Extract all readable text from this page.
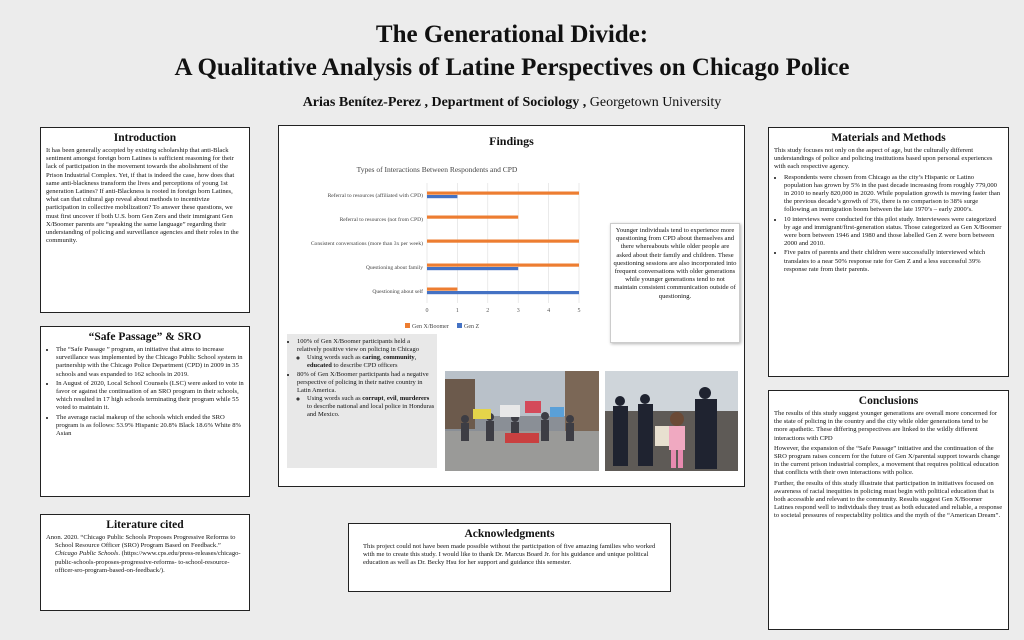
The Generational Divide:
A Qualitative Analysis of Latine Perspectives on Chicago Police
Arias Benítez-Perez , Department of Sociology , Georgetown University
Introduction

It has been generally accepted by existing scholarship that anti-Black sentiment amongst foreign born Latines is sufficient reasoning for their lack of participation in the movement towards the abolishment of the Prison Industrial Complex. Yet, if that is indeed the case, how does that same anti-blackness transform the lives and perceptions of young 1st generation Latines? If anti-Blackness is rooted in foreign born Latines, what can that cultural gap reveal about methods to incentivize participation in collective mobilization? To answer these questions, we must first uncover if both U.S. born Gen Zers and their immigrant Gen X/Boomer parents are “speaking the same language” regarding their understanding of policing and surveillance agencies and their roles in the community.

“Safe Passage” & SRO
• The “Safe Passage ” program, an initiative that aims to increase surveillance was implemented by the Chicago Public School system in partnership with the Chicago Police Department (CPD) in 2009 in 35 schools and was expanded to 162 schools in 2019.
• In August of 2020, Local School Counsels (LSC) were asked to vote in favor or against the continuation of an SRO program in their schools, which resulted in 17 high schools terminating their program while 55 voted to maintain it.
• The average racial makeup of the schools which ended the SRO program is as follows: 53.9% Hispanic 20.8% Black 18.6% White 8% Asian
Literature cited
Anon. 2020. “Chicago Public Schools Proposes Progressive Reforms to School Resource Officer (SRO) Program Based on Feedback.” Chicago Public Schools. (https://www.cps.edu/press-releases/chicago-public-schools-proposes-progressive-reforms- to-school-resource-officer-sro-program-based-on-feedback/).
Findings
Types of Interactions Between Respondents and CPD
Referral to resources (affiliated with CPD)
Referral to resources (not from CPD)
Consistent conversations (more than 3x per week)
Questioning about family
Questioning about self
0	1	2	3	4	5
Gen X/Boomer	Gen Z
Younger individuals tend to experience more questioning from CPD about themselves and there whereabouts while older people are asked about their family and children. These questioning sessions are also incorporated into frequent conversations with older generations while younger generations tend to not maintain consistent communication outside of questioning.
• 100% of Gen X/Boomer participants held a relatively positive view on policing in Chicago
◦ Using words such as caring, community, educated to describe CPD officers
• 80% of Gen X/Boomer participants had a negative perspective of policing in their native country in Latin America.
◦ Using words such as corrupt, evil, murderers to describe national and local police in Honduras and Mexico.
Materials and Methods

This study focuses not only on the aspect of age, but the culturally different understandings of police and policing institutions based upon personal experiences with each respective agency.

• Respondents were chosen from Chicago as the city’s Hispanic or Latino population has grown by 5% in the past decade increasing from roughly 779,000 in 2010 to nearly 820,000 in 2020. While population growth is moving faster than the previous decade’s growth of 3%, there is no comparison to 38% surge following an immigration boom between the late 1970’s – early 2000’s.
• 10 interviews were conducted for this pilot study. Interviewees were categorized by age and immigrant/first-generation status. Those categorized as Gen X/Boomer were born between 1946 and 1980 and those labelled Gen Z were born between 2000 and 2010.
• Five pairs of parents and their children were successfully interviewed which translates to a near 50% response rate for Gen Z and a less successful 39% response rate from their parents.
Conclusions

The results of this study suggest younger generations are overall more concerned for the state of policing in the country and the city while older generations tend to be more apathetic. These differing perspectives are linked to the wildly different interactions with CPD

However, the expansion of the “Safe Passage” initiative and the continuation of the SRO program raises concern for the future of Gen X/parental support towards change in the current prison industrial complex, a movement that requires political education that conflicts with their own interactions with police.

Further, the results of this study illustrate that participation in initiatives focused on awareness of racial inequities in policing must begin with political education that is both accessible and relevant to the community. Results suggest Gen X/Boomer Latines respond well to individuals they trust as both educated and reliable, a response to societal pressures of respectability politics and the myth of the “American Dream”.

Acknowledgments

This project could not have been made possible without the participation of five amazing families who worked with me to create this study. I would like to thank Dr. Marcus Board Jr. for his guidance and unique political education as well as Dr. Becky Hsu for her support and guidance this semester.
